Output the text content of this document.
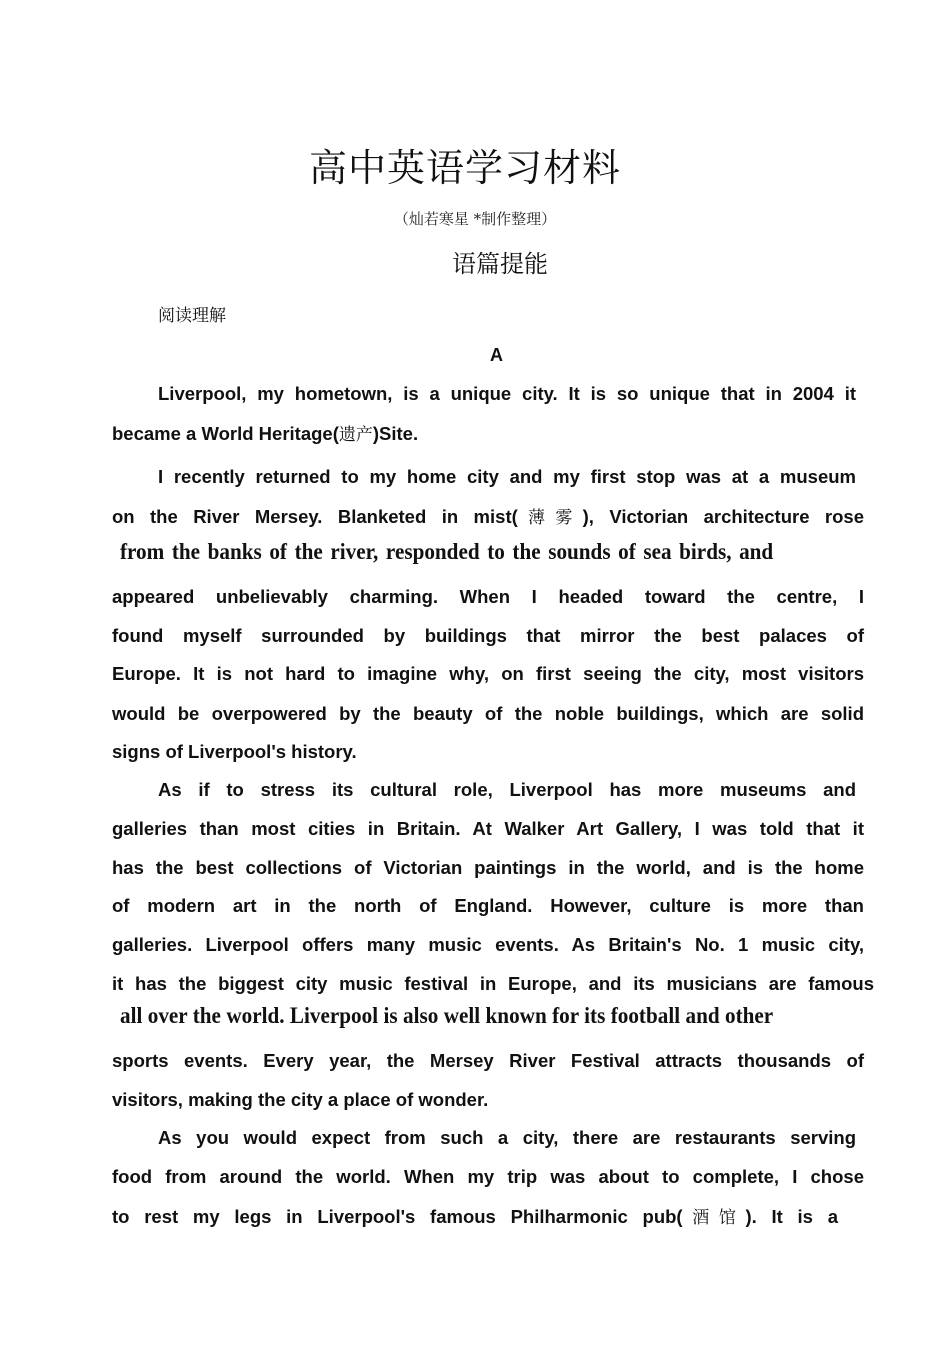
高中英语学习材料
（灿若寒星 *制作整理）
语篇提能
阅读理解
A
Liverpool, my hometown, is a unique city. It is so unique that in 2004 it
became a World Heritage(遗产)Site.
I recently returned to my home city and my first stop was at a museum
on the River Mersey. Blanketed in mist(薄雾), Victorian architecture rose
from the banks of the river, responded to the sounds of sea birds, and
appeared unbelievably charming. When I headed toward the centre, I
found myself surrounded by buildings that mirror the best palaces of
Europe. It is not hard to imagine why, on first seeing the city, most visitors
would be overpowered by the beauty of the noble buildings, which are solid
signs of Liverpool's history.
As if to stress its cultural role, Liverpool has more museums and
galleries than most cities in Britain. At Walker Art Gallery, I was told that it
has the best collections of Victorian paintings in the world, and is the home
of modern art in the north of England. However, culture is more than
galleries. Liverpool offers many music events. As Britain's No. 1 music city,
it has the biggest city music festival in Europe, and its musicians are famous
all over the world. Liverpool is also well known for its football and other
sports events. Every year, the Mersey River Festival attracts thousands of
visitors, making the city a place of wonder.
As you would expect from such a city, there are restaurants serving
food from around the world. When my trip was about to complete, I chose
to rest my legs in Liverpool's famous Philharmonic pub(酒馆). It is a
